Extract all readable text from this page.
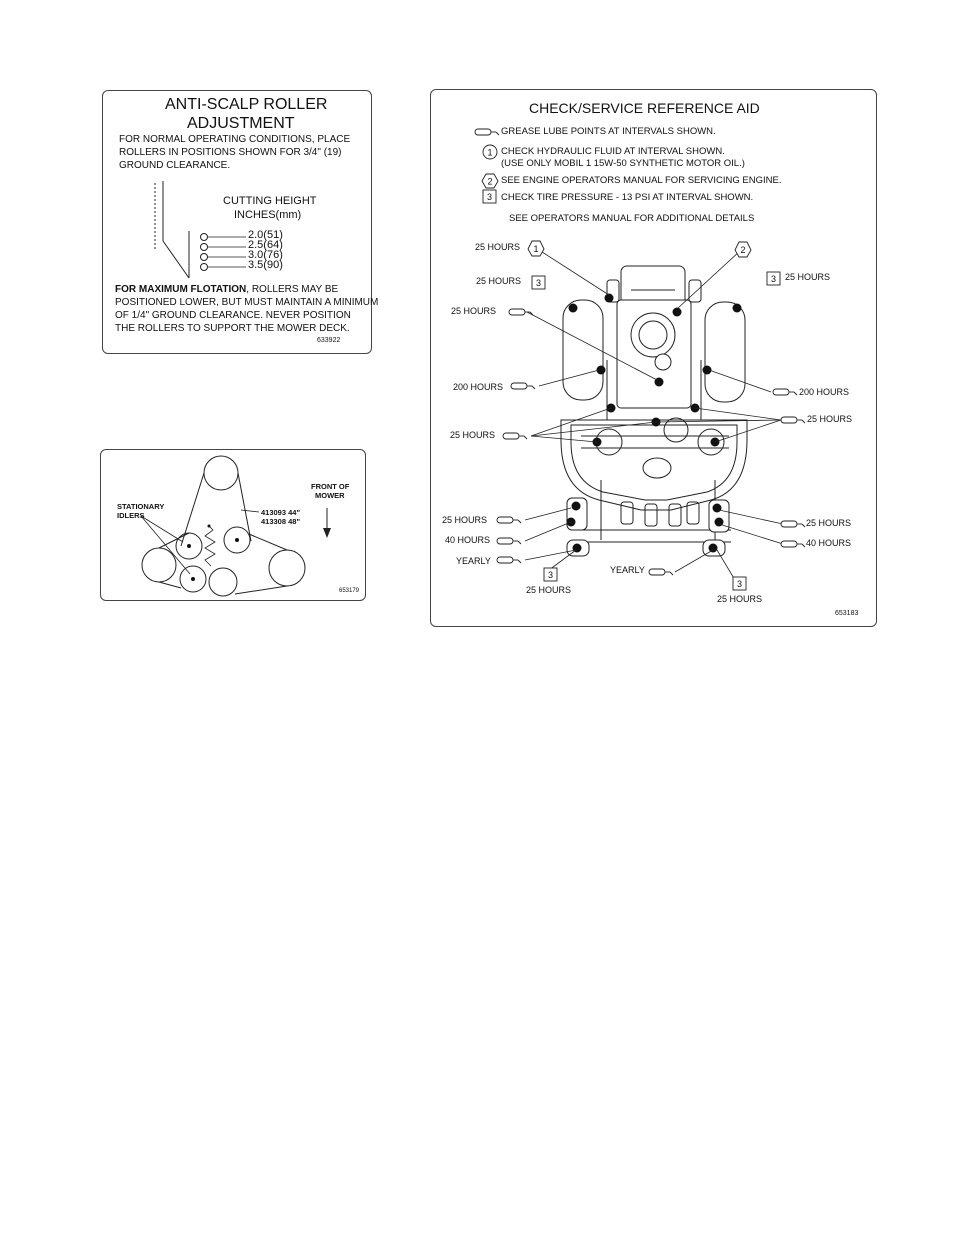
ANTI-SCALP ROLLER
ADJUSTMENT
FOR NORMAL OPERATING CONDITIONS, PLACE
ROLLERS IN POSITIONS SHOWN FOR 3/4" (19)
GROUND CLEARANCE.
CUTTING HEIGHT
INCHES(mm)
2.0(51)
2.5(64)
3.0(76)
3.5(90)
FOR MAXIMUM FLOTATION, ROLLERS MAY BE
POSITIONED LOWER, BUT MUST MAINTAIN A MINIMUM
OF 1/4" GROUND CLEARANCE. NEVER POSITION
THE ROLLERS TO SUPPORT THE MOWER DECK.
633922
STATIONARY
IDLERS	413093 44"
413308 48"
FRONT OF
MOWER
653179
CHECK/SERVICE REFERENCE AID
1
2
3
1	2
3	3
3
3
GREASE LUBE POINTS AT INTERVALS SHOWN.
CHECK HYDRAULIC FLUID AT INTERVAL SHOWN.
(USE ONLY MOBIL 1 15W-50 SYNTHETIC MOTOR OIL.)
SEE ENGINE OPERATORS MANUAL FOR SERVICING ENGINE.
CHECK TIRE PRESSURE - 13 PSI AT INTERVAL SHOWN.
SEE OPERATORS MANUAL FOR ADDITIONAL DETAILS
25 HOURS
25 HOURS	25 HOURS
25 HOURS
200 HOURS	200 HOURS
25 HOURS
25 HOURS
25 HOURS
40 HOURS
YEARLY
25 HOURS
40 HOURS
YEARLY
25 HOURS
25 HOURS
653183
